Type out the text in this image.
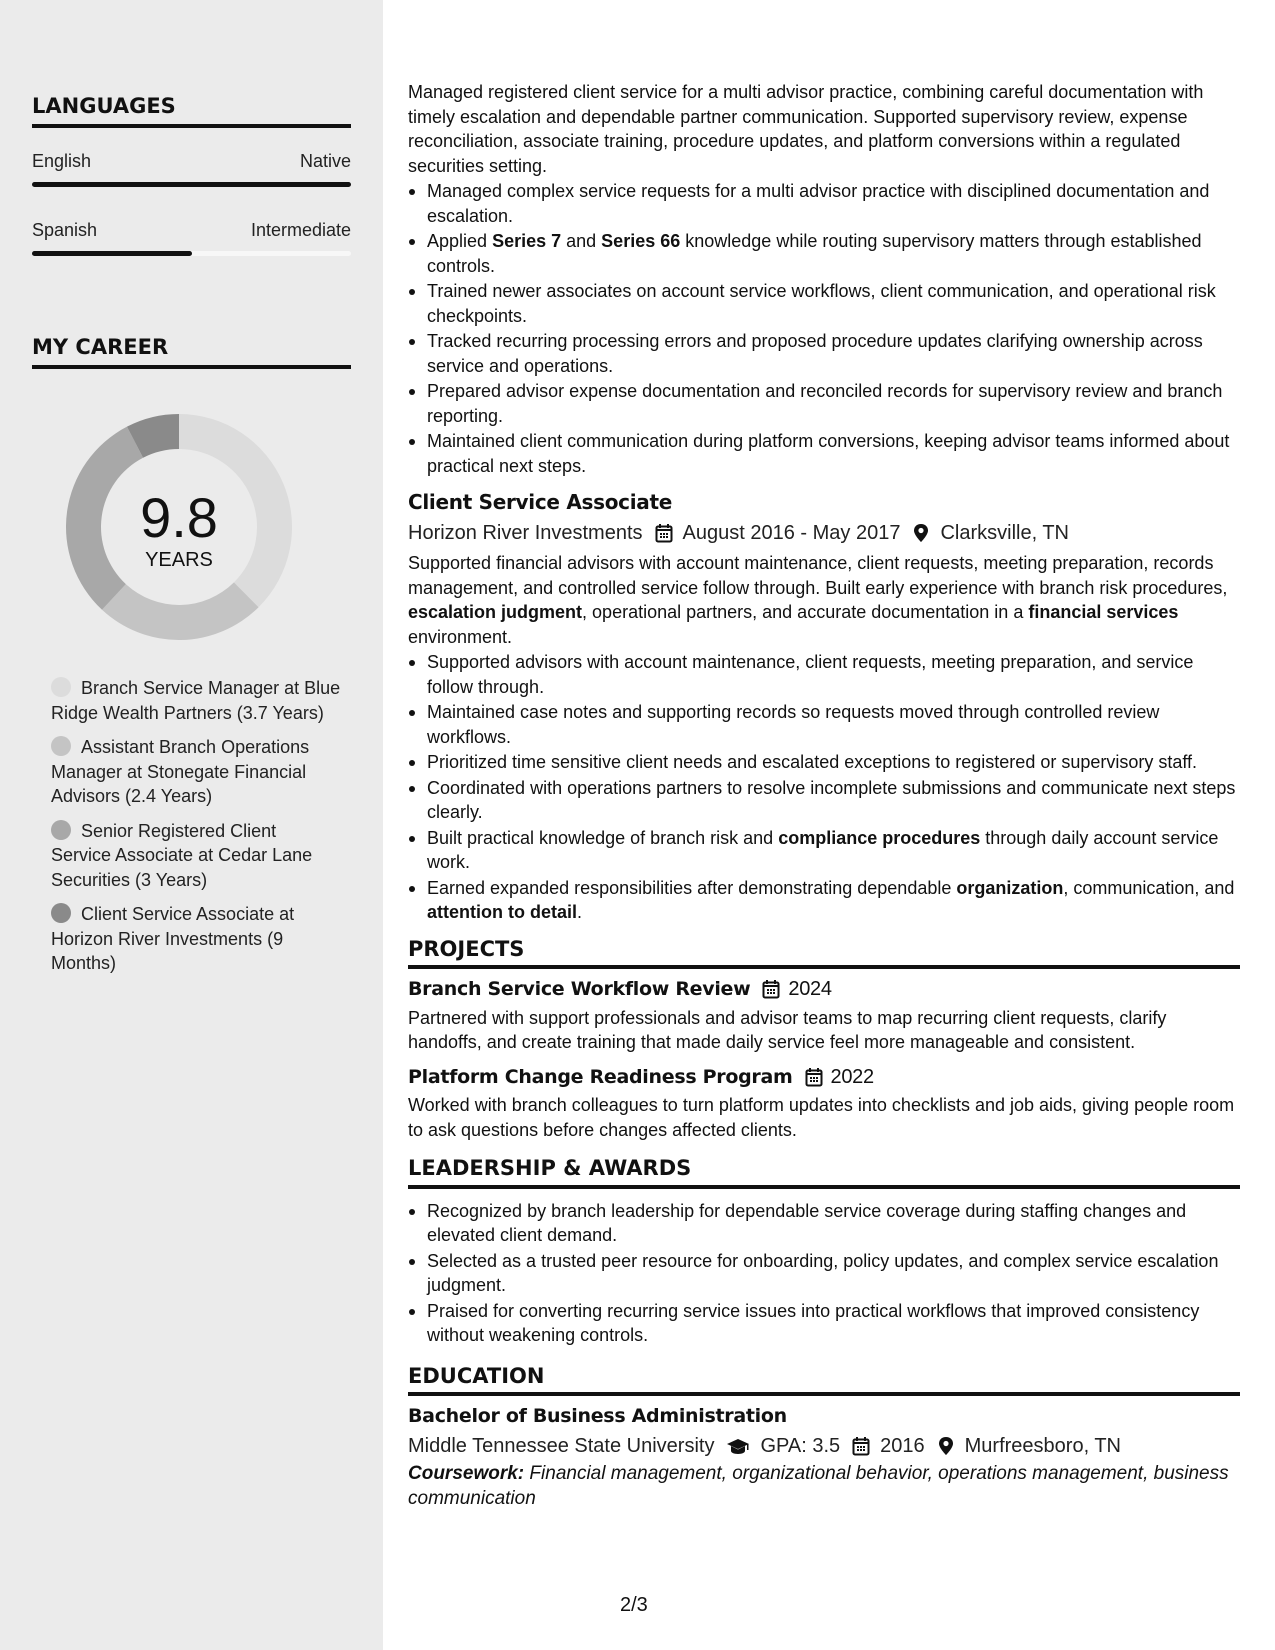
LANGUAGES
English	Native
Spanish	Intermediate
MY CAREER
9.8
YEARS
Branch Service Manager at Blue Ridge Wealth Partners (3.7 Years)
Assistant Branch Operations Manager at Stonegate Financial Advisors (2.4 Years)
Senior Registered Client Service Associate at Cedar Lane Securities (3 Years)
Client Service Associate at Horizon River Investments (9 Months)
Managed registered client service for a multi advisor practice, combining careful documentation with timely escalation and dependable partner communication. Supported supervisory review, expense reconciliation, associate training, procedure updates, and platform conversions within a regulated securities setting.
Managed complex service requests for a multi advisor practice with disciplined documentation and escalation.
Applied Series 7 and Series 66 knowledge while routing supervisory matters through established controls.
Trained newer associates on account service workflows, client communication, and operational risk checkpoints.
Tracked recurring processing errors and proposed procedure updates clarifying ownership across service and operations.
Prepared advisor expense documentation and reconciled records for supervisory review and branch reporting.
Maintained client communication during platform conversions, keeping advisor teams informed about practical next steps.
Client Service Associate
Horizon River Investments August 2016 - May 2017 Clarksville, TN
Supported financial advisors with account maintenance, client requests, meeting preparation, records management, and controlled service follow through. Built early experience with branch risk procedures, escalation judgment, operational partners, and accurate documentation in a financial services environment.
Supported advisors with account maintenance, client requests, meeting preparation, and service follow through.
Maintained case notes and supporting records so requests moved through controlled review workflows.
Prioritized time sensitive client needs and escalated exceptions to registered or supervisory staff.
Coordinated with operations partners to resolve incomplete submissions and communicate next steps clearly.
Built practical knowledge of branch risk and compliance procedures through daily account service work.
Earned expanded responsibilities after demonstrating dependable organization, communication, and attention to detail.
PROJECTS
Branch Service Workflow Review 2024
Partnered with support professionals and advisor teams to map recurring client requests, clarify handoffs, and create training that made daily service feel more manageable and consistent.
Platform Change Readiness Program 2022
Worked with branch colleagues to turn platform updates into checklists and job aids, giving people room to ask questions before changes affected clients.
LEADERSHIP & AWARDS
Recognized by branch leadership for dependable service coverage during staffing changes and elevated client demand.
Selected as a trusted peer resource for onboarding, policy updates, and complex service escalation judgment.
Praised for converting recurring service issues into practical workflows that improved consistency without weakening controls.
EDUCATION
Bachelor of Business Administration
Middle Tennessee State University GPA: 3.5 2016 Murfreesboro, TN
Coursework: Financial management, organizational behavior, operations management, business communication
2/3
